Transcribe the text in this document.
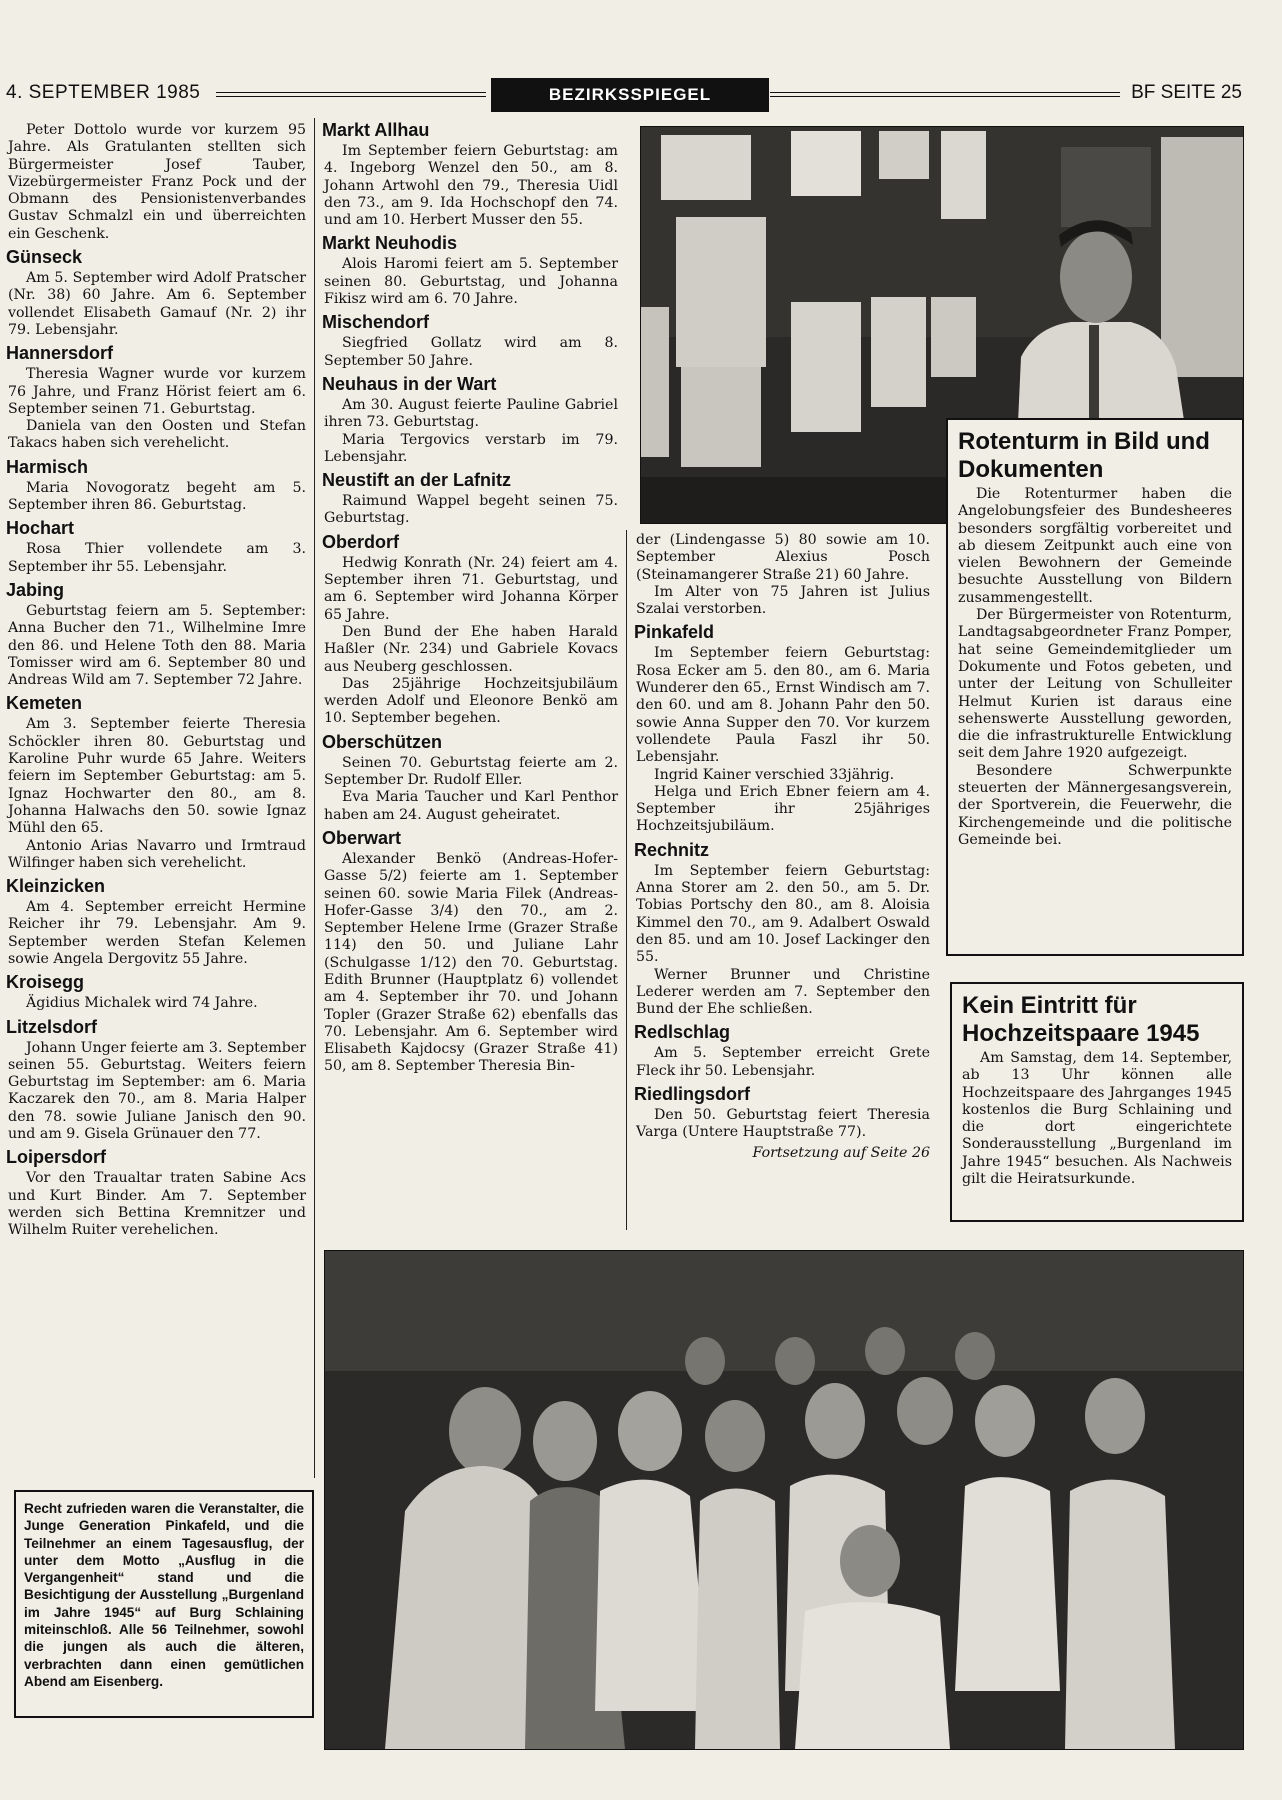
4. SEPTEMBER 1985	BEZIRKSSPIEGEL	BF SEITE 25

Peter Dottolo wurde vor kurzem 95 Jahre. Als Gratulanten stellten sich Bürgermeister Josef Tauber, Vizebürgermeister Franz Pock und der Obmann des Pensionistenverbandes Gustav Schmalzl ein und überreichten ein Geschenk.

Günseck

Am 5. September wird Adolf Pratscher (Nr. 38) 60 Jahre. Am 6. September vollendet Elisabeth Gamauf (Nr. 2) ihr 79. Lebensjahr.

Hannersdorf

Theresia Wagner wurde vor kurzem 76 Jahre, und Franz Hörist feiert am 6. September seinen 71. Geburtstag.

Daniela van den Oosten und Stefan Takacs haben sich verehelicht.

Harmisch

Maria Novogoratz begeht am 5. September ihren 86. Geburtstag.

Hochart

Rosa Thier vollendete am 3. September ihr 55. Lebensjahr.

Jabing

Geburtstag feiern am 5. September: Anna Bucher den 71., Wilhelmine Imre den 86. und Helene Toth den 88. Maria Tomisser wird am 6. September 80 und Andreas Wild am 7. September 72 Jahre.

Kemeten

Am 3. September feierte Theresia Schöckler ihren 80. Geburtstag und Karoline Puhr wurde 65 Jahre. Weiters feiern im September Geburtstag: am 5. Ignaz Hochwarter den 80., am 8. Johanna Halwachs den 50. sowie Ignaz Mühl den 65.

Antonio Arias Navarro und Irmtraud Wilfinger haben sich verehelicht.

Kleinzicken

Am 4. September erreicht Hermine Reicher ihr 79. Lebensjahr. Am 9. September werden Stefan Kelemen sowie Angela Dergovitz 55 Jahre.

Kroisegg

Ägidius Michalek wird 74 Jahre.

Litzelsdorf

Johann Unger feierte am 3. September seinen 55. Geburtstag. Weiters feiern Geburtstag im September: am 6. Maria Kaczarek den 70., am 8. Maria Halper den 78. sowie Juliane Janisch den 90. und am 9. Gisela Grünauer den 77.

Loipersdorf

Vor den Traualtar traten Sabine Acs und Kurt Binder. Am 7. September werden sich Bettina Kremnitzer und Wilhelm Ruiter verehelichen.

Markt Allhau

Im September feiern Geburtstag: am 4. Ingeborg Wenzel den 50., am 8. Johann Artwohl den 79., Theresia Uidl den 73., am 9. Ida Hochschopf den 74. und am 10. Herbert Musser den 55.

Markt Neuhodis

Alois Haromi feiert am 5. September seinen 80. Geburtstag, und Johanna Fikisz wird am 6. 70 Jahre.

Mischendorf

Siegfried Gollatz wird am 8. September 50 Jahre.

Neuhaus in der Wart

Am 30. August feierte Pauline Gabriel ihren 73. Geburtstag.

Maria Tergovics verstarb im 79. Lebensjahr.

Neustift an der Lafnitz

Raimund Wappel begeht seinen 75. Geburtstag.

Oberdorf

Hedwig Konrath (Nr. 24) feiert am 4. September ihren 71. Geburtstag, und am 6. September wird Johanna Körper 65 Jahre.

Den Bund der Ehe haben Harald Haßler (Nr. 234) und Gabriele Kovacs aus Neuberg geschlossen.

Das 25jährige Hochzeitsjubiläum werden Adolf und Eleonore Benkö am 10. September begehen.

Oberschützen

Seinen 70. Geburtstag feierte am 2. September Dr. Rudolf Eller.

Eva Maria Taucher und Karl Penthor haben am 24. August geheiratet.

Oberwart

Alexander Benkö (Andreas-Hofer-Gasse 5/2) feierte am 1. September seinen 60. sowie Maria Filek (Andreas-Hofer-Gasse 3/4) den 70., am 2. September Helene Irme (Grazer Straße 114) den 50. und Juliane Lahr (Schulgasse 1/12) den 70. Geburtstag. Edith Brunner (Hauptplatz 6) vollendet am 4. September ihr 70. und Johann Topler (Grazer Straße 62) ebenfalls das 70. Lebensjahr. Am 6. September wird Elisabeth Kajdocsy (Grazer Straße 41) 50, am 8. September Theresia Bin-

der (Lindengasse 5) 80 sowie am 10. September Alexius Posch (Steinamangerer Straße 21) 60 Jahre.

Im Alter von 75 Jahren ist Julius Szalai verstorben.

Pinkafeld

Im September feiern Geburtstag: Rosa Ecker am 5. den 80., am 6. Maria Wunderer den 65., Ernst Windisch am 7. den 60. und am 8. Johann Pahr den 50. sowie Anna Supper den 70. Vor kurzem vollendete Paula Faszl ihr 50. Lebensjahr.

Ingrid Kainer verschied 33jährig.

Helga und Erich Ebner feiern am 4. September ihr 25jähriges Hochzeitsjubiläum.

Rechnitz

Im September feiern Geburtstag: Anna Storer am 2. den 50., am 5. Dr. Tobias Portschy den 80., am 8. Aloisia Kimmel den 70., am 9. Adalbert Oswald den 85. und am 10. Josef Lackinger den 55.

Werner Brunner und Christine Lederer werden am 7. September den Bund der Ehe schließen.

Redlschlag

Am 5. September erreicht Grete Fleck ihr 50. Lebensjahr.

Riedlingsdorf

Den 50. Geburtstag feiert Theresia Varga (Untere Hauptstraße 77).

Fortsetzung auf Seite 26

Rotenturm in Bild und Dokumenten

Die Rotenturmer haben die Angelobungsfeier des Bundesheeres besonders sorgfältig vorbereitet und ab diesem Zeitpunkt auch eine von vielen Bewohnern der Gemeinde besuchte Ausstellung von Bildern zusammengestellt.

Der Bürgermeister von Rotenturm, Landtagsabgeordneter Franz Pomper, hat seine Gemeindemitglieder um Dokumente und Fotos gebeten, und unter der Leitung von Schulleiter Helmut Kurien ist daraus eine sehenswerte Ausstellung geworden, die die infrastrukturelle Entwicklung seit dem Jahre 1920 aufgezeigt.

Besondere Schwerpunkte steuerten der Männergesangsverein, der Sportverein, die Feuerwehr, die Kirchengemeinde und die politische Gemeinde bei.

Kein Eintritt für Hochzeitspaare 1945

Am Samstag, dem 14. September, ab 13 Uhr können alle Hochzeitspaare des Jahrganges 1945 kostenlos die Burg Schlaining und die dort eingerichtete Sonderausstellung „Burgenland im Jahre 1945“ besuchen. Als Nachweis gilt die Heiratsurkunde.

Recht zufrieden waren die Veranstalter, die Junge Generation Pinkafeld, und die Teilnehmer an einem Tagesausflug, der unter dem Motto „Ausflug in die Vergangenheit“ stand und die Besichtigung der Ausstellung „Burgenland im Jahre 1945“ auf Burg Schlaining miteinschloß. Alle 56 Teilnehmer, sowohl die jungen als auch die älteren, verbrachten dann einen gemütlichen Abend am Eisenberg.
